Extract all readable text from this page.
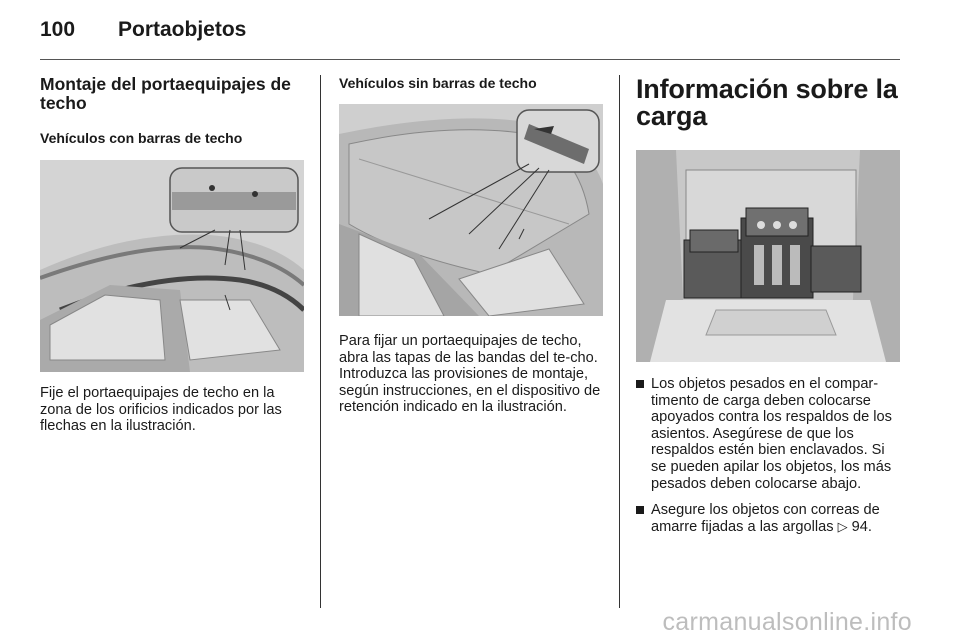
100	Portaobjetos
Montaje del portaequipajes de techo
Vehículos con barras de techo
Fije el portaequipajes de techo en la zona de los orificios indicados por las flechas en la ilustración.
Vehículos sin barras de techo
Para fijar un portaequipajes de techo, abra las tapas de las bandas del te-cho. Introduzca las provisiones de montaje, según instrucciones, en el dispositivo de retención indicado en la ilustración.
Información sobre la carga
Los objetos pesados en el compar-timento de carga deben colocarse apoyados contra los respaldos de los asientos. Asegúrese de que los respaldos estén bien enclavados. Si se pueden apilar los objetos, los más pesados deben colocarse abajo.
Asegure los objetos con correas de amarre fijadas a las argollas ▷ 94.
carmanualsonline.info
